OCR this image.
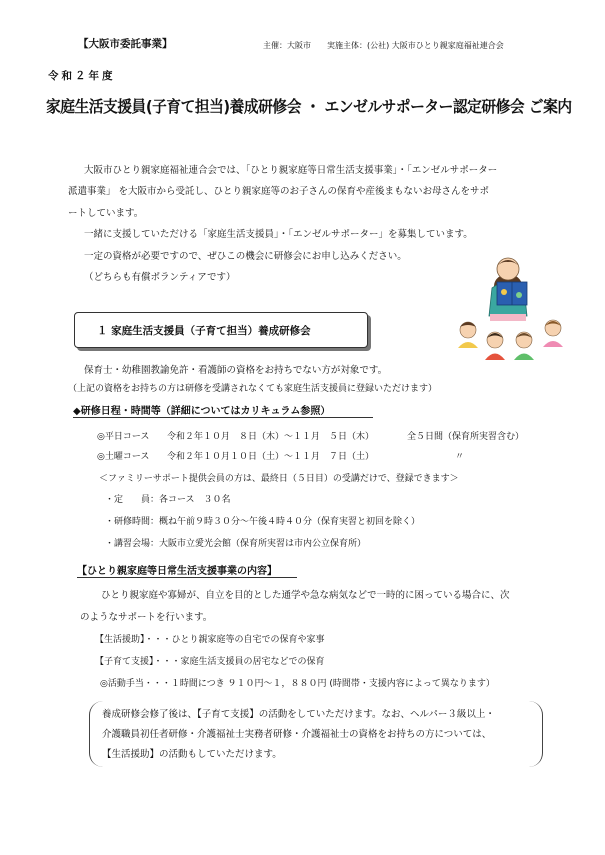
【大阪市委託事業】	主催：大阪市 実施主体：(公社) 大阪市ひとり親家庭福祉連合会
令和２年度
家庭生活支援員(子育て担当)養成研修会 ・ エンゼルサポーター認定研修会 ご案内
大阪市ひとり親家庭福祉連合会では、「ひとり親家庭等日常生活支援事業」・「エンゼルサポーター
派遣事業」 を大阪市から受託し、ひとり親家庭等のお子さんの保育や産後まもないお母さんをサポ
ートしています。
一緒に支援していただける「家庭生活支援員」・「エンゼルサポーター」を募集しています。
一定の資格が必要ですので、ぜひこの機会に研修会にお申し込みください。
（どちらも有償ボランティアです）
１ 家庭生活支援員（子育て担当）養成研修会
保育士・幼稚園教諭免許・看護師の資格をお持ちでない方が対象です。
（上記の資格をお持ちの方は研修を受講されなくても家庭生活支援員に登録いただけます）
◆研修日程・時間等（詳細についてはカリキュラム参照）
◎平日コース 令和２年１０月　８日（木）～１１月　５日（木）	全５日間（保育所実習含む）
◎土曜コース 令和２年１０月１０日（土）～１１月　７日（土）	〃
＜ファミリーサポート提供会員の方は、最終日（５日目）の受講だけで、登録できます＞
・定　　員：各コース　３０名
・研修時間：概ね午前９時３０分～午後４時４０分（保育実習と初回を除く）
・講習会場：大阪市立愛光会館（保育所実習は市内公立保育所）
【ひとり親家庭等日常生活支援事業の内容】
ひとり親家庭や寡婦が、自立を目的とした通学や急な病気などで一時的に困っている場合に、次
のようなサポートを行います。
【生活援助】・・・ひとり親家庭等の自宅での保育や家事
【子育て支援】・・・家庭生活支援員の居宅などでの保育
◎活動手当・・・１時間につき ９１０円～１，８８０円 (時間帯・支援内容によって異なります）
養成研修会修了後は、【子育て支援】の活動をしていただけます。なお、ヘルパー３級以上・
介護職員初任者研修・介護福祉士実務者研修・介護福祉士の資格をお持ちの方については、
【生活援助】の活動もしていただけます。
